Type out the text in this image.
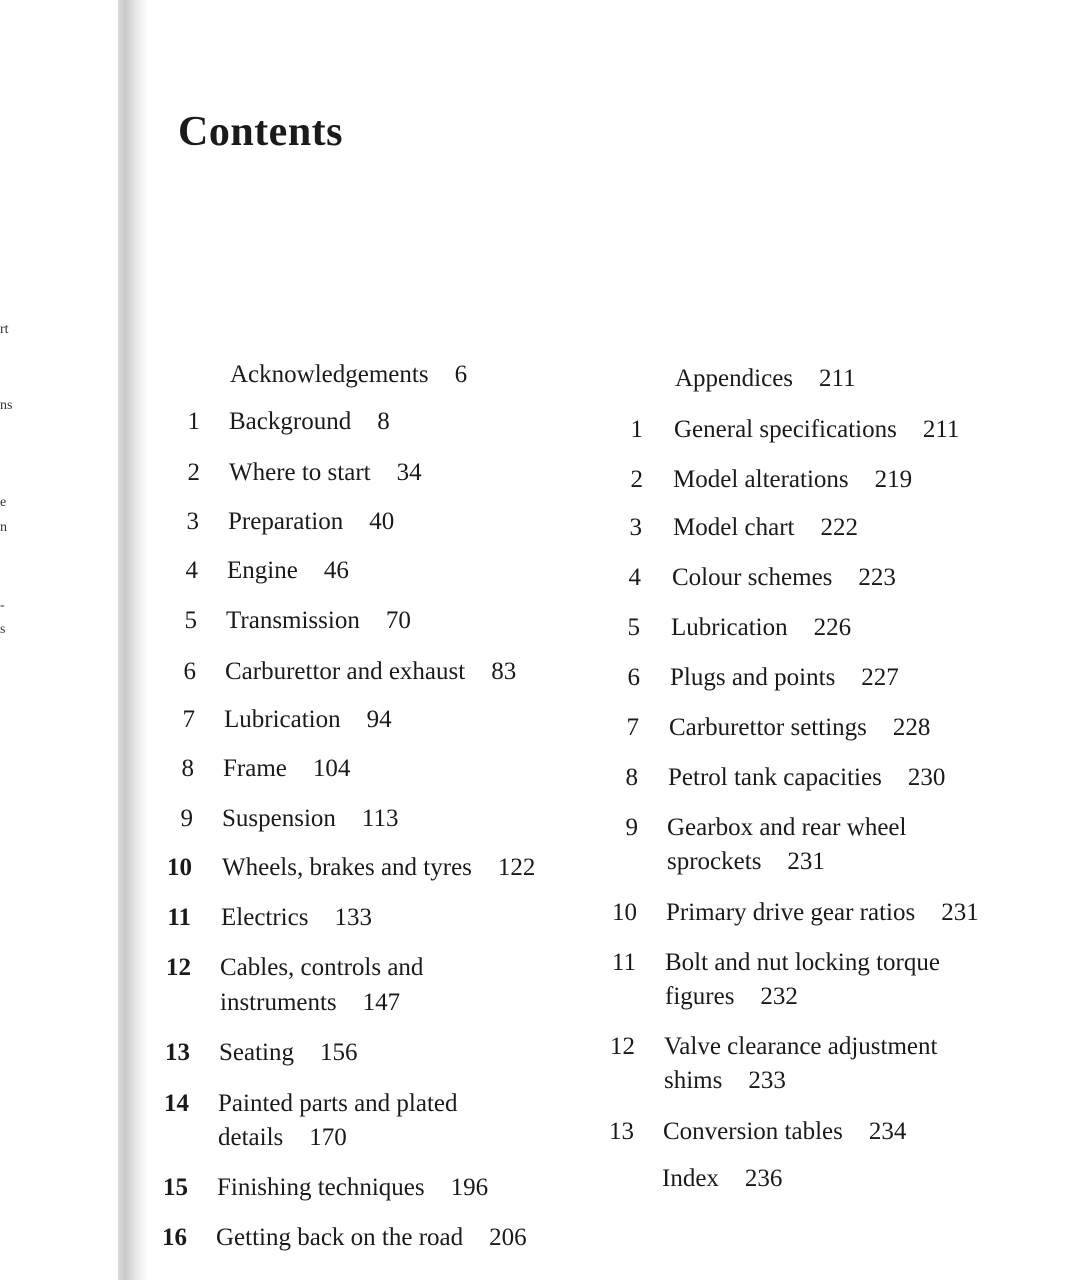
rt
ns
e
n
-
s
Contents
Acknowledgements 6
1 Background 8
2 Where to start 34
3 Preparation 40
4 Engine 46
5 Transmission 70
6 Carburettor and exhaust 83
7 Lubrication 94
8 Frame 104
9 Suspension 113
10 Wheels, brakes and tyres 122
11 Electrics 133
12 Cables, controls and
instruments 147
13 Seating 156
14 Painted parts and plated
details 170
15 Finishing techniques 196
16 Getting back on the road 206
Appendices 211
1 General specifications 211
2 Model alterations 219
3 Model chart 222
4 Colour schemes 223
5 Lubrication 226
6 Plugs and points 227
7 Carburettor settings 228
8 Petrol tank capacities 230
9 Gearbox and rear wheel
sprockets 231
10 Primary drive gear ratios 231
11 Bolt and nut locking torque
figures 232
12 Valve clearance adjustment
shims 233
13 Conversion tables 234
Index 236
